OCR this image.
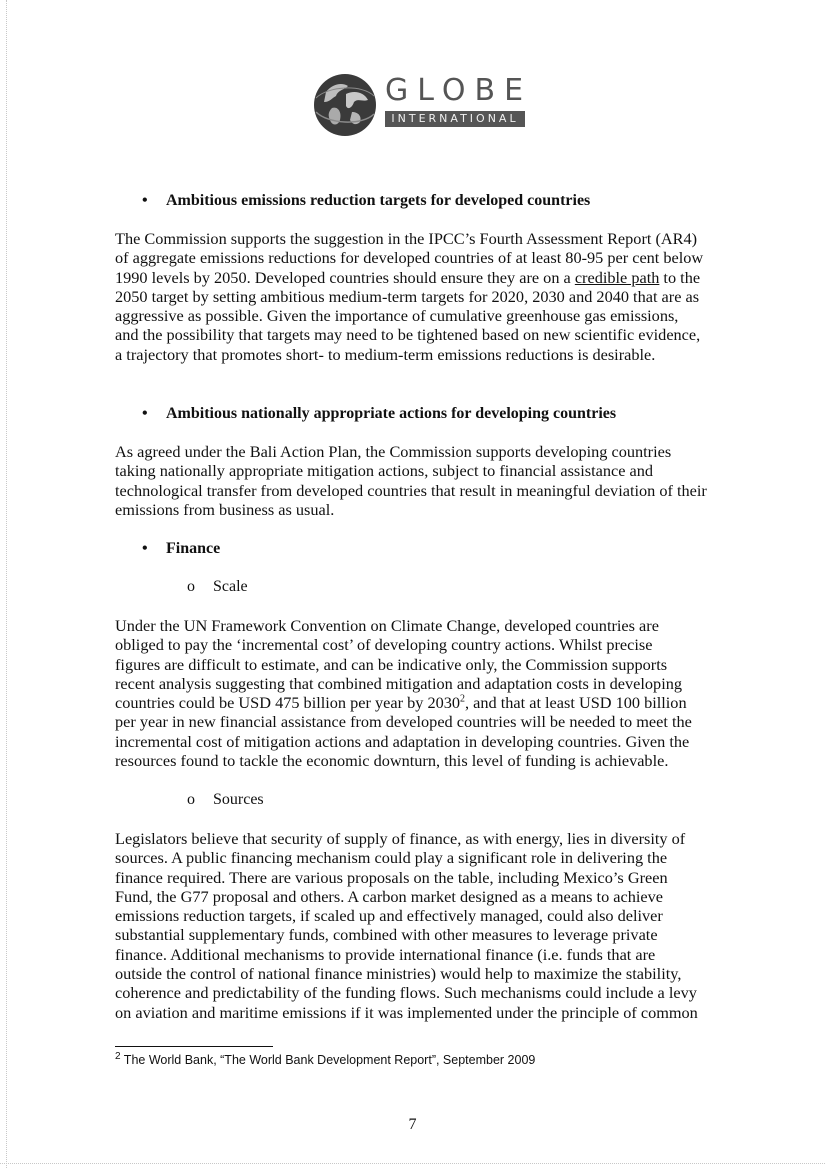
GLOBE
INTERNATIONAL
• Ambitious emissions reduction targets for developed countries
The Commission supports the suggestion in the IPCC’s Fourth Assessment Report (AR4)
of aggregate emissions reductions for developed countries of at least 80-95 per cent below
1990 levels by 2050. Developed countries should ensure they are on a credible path to the
2050 target by setting ambitious medium-term targets for 2020, 2030 and 2040 that are as
aggressive as possible. Given the importance of cumulative greenhouse gas emissions,
and the possibility that targets may need to be tightened based on new scientific evidence,
a trajectory that promotes short- to medium-term emissions reductions is desirable.
• Ambitious nationally appropriate actions for developing countries
As agreed under the Bali Action Plan, the Commission supports developing countries
taking nationally appropriate mitigation actions, subject to financial assistance and
technological transfer from developed countries that result in meaningful deviation of their
emissions from business as usual.
• Finance
o Scale
Under the UN Framework Convention on Climate Change, developed countries are
obliged to pay the ‘incremental cost’ of developing country actions. Whilst precise
figures are difficult to estimate, and can be indicative only, the Commission supports
recent analysis suggesting that combined mitigation and adaptation costs in developing
countries could be USD 475 billion per year by 2030$^2$, and that at least USD 100 billion
per year in new financial assistance from developed countries will be needed to meet the
incremental cost of mitigation actions and adaptation in developing countries. Given the
resources found to tackle the economic downturn, this level of funding is achievable.
o Sources
Legislators believe that security of supply of finance, as with energy, lies in diversity of
sources. A public financing mechanism could play a significant role in delivering the
finance required. There are various proposals on the table, including Mexico’s Green
Fund, the G77 proposal and others. A carbon market designed as a means to achieve
emissions reduction targets, if scaled up and effectively managed, could also deliver
substantial supplementary funds, combined with other measures to leverage private
finance. Additional mechanisms to provide international finance (i.e. funds that are
outside the control of national finance ministries) would help to maximize the stability,
coherence and predictability of the funding flows. Such mechanisms could include a levy
on aviation and maritime emissions if it was implemented under the principle of common
$^2$ The World Bank, “The World Bank Development Report”, September 2009
7
